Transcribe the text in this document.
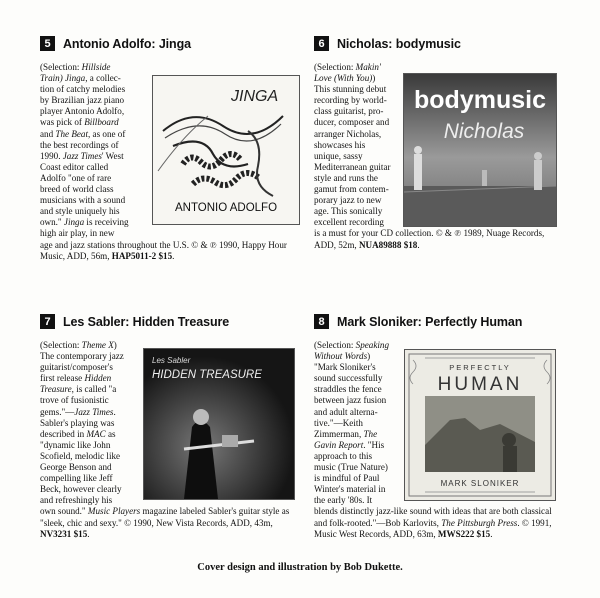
5 Antonio Adolfo: Jinga
(Selection: Hillside
Train) Jinga, a collec-
tion of catchy melodies
by Brazilian jazz piano
player Antonio Adolfo,
was pick of Billboard
and The Beat, as one of
the best recordings of
1990. Jazz Times' West
Coast editor called
Adolfo "one of rare
breed of world class
musicians with a sound
and style uniquely his
own." Jinga is receiving
high air play, in new
age and jazz stations throughout the U.S. © & ℗ 1990, Happy Hour
Music, ADD, 56m, HAP5011-2 $15.
JINGA
ANTONIO ADOLFO
6 Nicholas: bodymusic
(Selection: Makin'
Love (With You))
This stunning debut
recording by world-
class guitarist, pro-
ducer, composer and
arranger Nicholas,
showcases his
unique, sassy
Mediterranean guitar
style and runs the
gamut from contem-
porary jazz to new
age. This sonically
excellent recording
is a must for your CD collection. © & ℗ 1989, Nuage Records,
ADD, 52m, NUA89888 $18.
bodymusic
Nicholas
7 Les Sabler: Hidden Treasure
(Selection: Theme X)
The contemporary jazz
guitarist/composer's
first release Hidden
Treasure, is called "a
trove of fusionistic
gems."—Jazz Times.
Sabler's playing was
described in MAC as
"dynamic like John
Scofield, melodic like
George Benson and
compelling like Jeff
Beck, however clearly
and refreshingly his
own sound." Music Players magazine labeled Sabler's guitar style as
"sleek, chic and sexy." © 1990, New Vista Records, ADD, 43m,
NV3231 $15.
Les Sabler
HIDDEN TREASURE
8 Mark Sloniker: Perfectly Human
(Selection: Speaking
Without Words)
"Mark Sloniker's
sound successfully
straddles the fence
between jazz fusion
and adult alterna-
tive."—Keith
Zimmerman, The
Gavin Report. "His
approach to this
music (True Nature)
is mindful of Paul
Winter's material in
the early '80s. It
blends distinctly jazz-like sound with ideas that are both classical
and folk-rooted."—Bob Karlovits, The Pittsburgh Press. © 1991,
Music West Records, ADD, 63m, MWS222 $15.
PERFECTLY
HUMAN
MARK SLONIKER
Cover design and illustration by Bob Dukette.
